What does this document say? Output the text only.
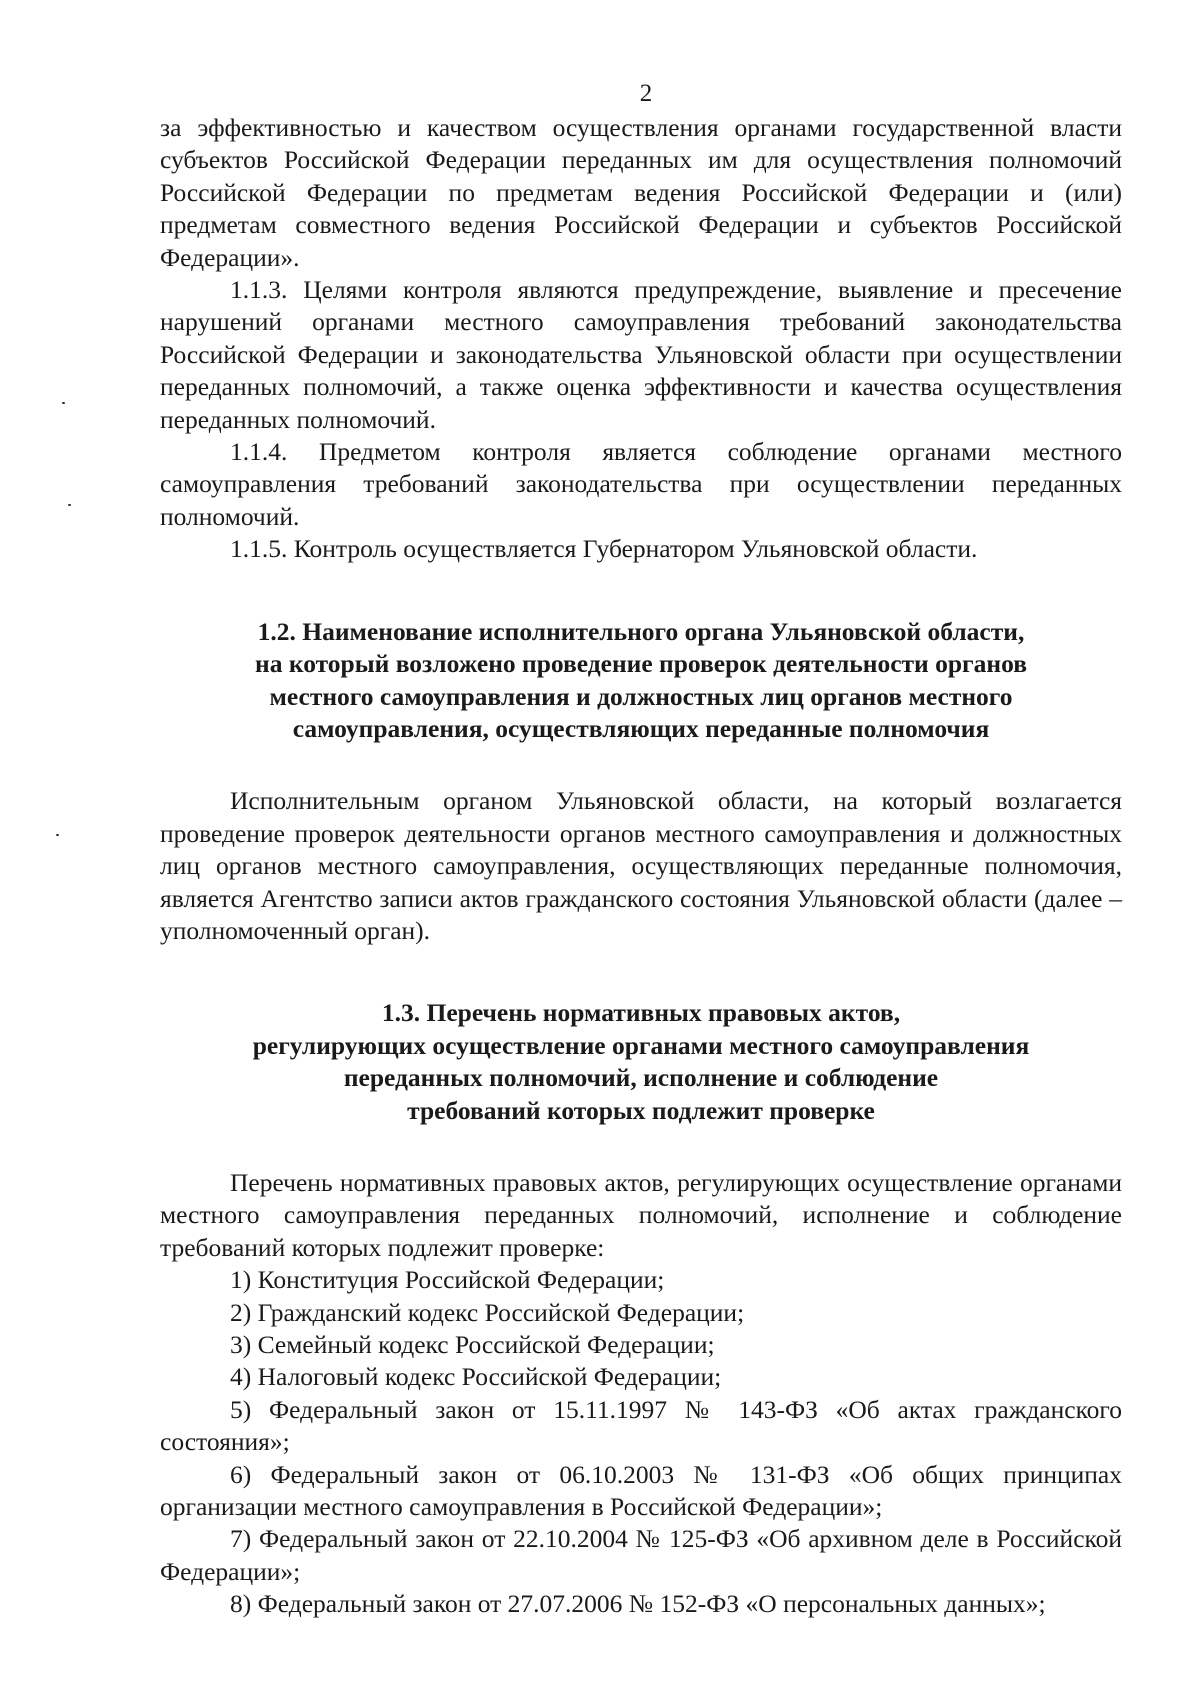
2

за эффективностью и качеством осуществления органами государственной власти субъектов Российской Федерации переданных им для осуществления полномочий Российской Федерации по предметам ведения Российской Федерации и (или) предметам совместного ведения Российской Федерации и субъектов Российской Федерации».

1.1.3. Целями контроля являются предупреждение, выявление и пресечение нарушений органами местного самоуправления требований законодательства Российской Федерации и законодательства Ульяновской области при осуществлении переданных полномочий, а также оценка эффективности и качества осуществления переданных полномочий.

1.1.4. Предметом контроля является соблюдение органами местного самоуправления требований законодательства при осуществлении переданных полномочий.

1.1.5. Контроль осуществляется Губернатором Ульяновской области.

1.2. Наименование исполнительного органа Ульяновской области,
на который возложено проведение проверок деятельности органов
местного самоуправления и должностных лиц органов местного
самоуправления, осуществляющих переданные полномочия

Исполнительным органом Ульяновской области, на который возлагается проведение проверок деятельности органов местного самоуправления и должностных лиц органов местного самоуправления, осуществляющих переданные полномочия, является Агентство записи актов гражданского состояния Ульяновской области (далее – уполномоченный орган).

1.3. Перечень нормативных правовых актов,
регулирующих осуществление органами местного самоуправления
переданных полномочий, исполнение и соблюдение
требований которых подлежит проверке

Перечень нормативных правовых актов, регулирующих осуществление органами местного самоуправления переданных полномочий, исполнение и соблюдение требований которых подлежит проверке:

1) Конституция Российской Федерации;

2) Гражданский кодекс Российской Федерации;

3) Семейный кодекс Российской Федерации;

4) Налоговый кодекс Российской Федерации;

5) Федеральный закон от 15.11.1997 № 143-ФЗ «Об актах гражданского состояния»;

6) Федеральный закон от 06.10.2003 № 131-ФЗ «Об общих принципах организации местного самоуправления в Российской Федерации»;

7) Федеральный закон от 22.10.2004 № 125-ФЗ «Об архивном деле в Российской Федерации»;

8) Федеральный закон от 27.07.2006 № 152-ФЗ «О персональных данных»;
